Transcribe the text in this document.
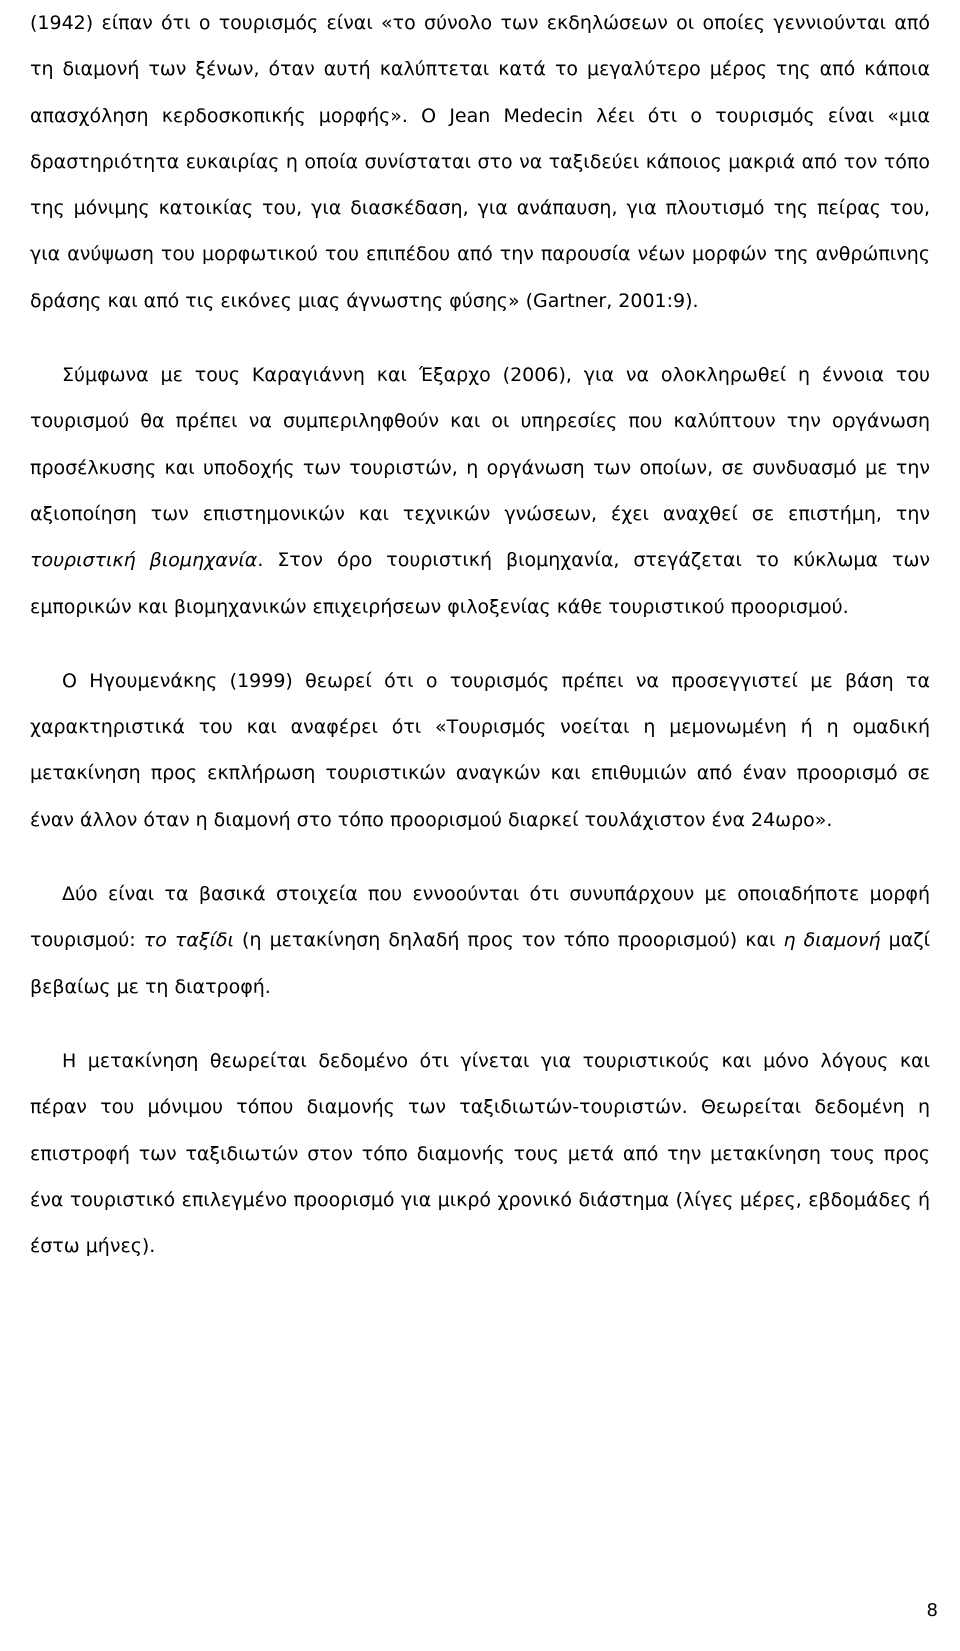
(1942) είπαν ότι ο τουρισμός είναι «το σύνολο των εκδηλώσεων οι οποίες γεννιούνται από τη διαμονή των ξένων, όταν αυτή καλύπτεται κατά το μεγαλύτερο μέρος της από κάποια απασχόληση κερδοσκοπικής μορφής». Ο Jean Medecin λέει ότι ο τουρισμός είναι «μια δραστηριότητα ευκαιρίας η οποία συνίσταται στο να ταξιδεύει κάποιος μακριά από τον τόπο της μόνιμης κατοικίας του, για διασκέδαση, για ανάπαυση, για πλουτισμό της πείρας του, για ανύψωση του μορφωτικού του επιπέδου από την παρουσία νέων μορφών της ανθρώπινης δράσης και από τις εικόνες μιας άγνωστης φύσης» (Gartner, 2001:9).

Σύμφωνα με τους Καραγιάννη και Έξαρχο (2006), για να ολοκληρωθεί η έννοια του τουρισμού θα πρέπει να συμπεριληφθούν και οι υπηρεσίες που καλύπτουν την οργάνωση προσέλκυσης και υποδοχής των τουριστών, η οργάνωση των οποίων, σε συνδυασμό με την αξιοποίηση των επιστημονικών και τεχνικών γνώσεων, έχει αναχθεί σε επιστήμη, την τουριστική βιομηχανία. Στον όρο τουριστική βιομηχανία, στεγάζεται το κύκλωμα των εμπορικών και βιομηχανικών επιχειρήσεων φιλοξενίας κάθε τουριστικού προορισμού.

Ο Ηγουμενάκης (1999) θεωρεί ότι ο τουρισμός πρέπει να προσεγγιστεί με βάση τα χαρακτηριστικά του και αναφέρει ότι «Τουρισμός νοείται η μεμονωμένη ή η ομαδική μετακίνηση προς εκπλήρωση τουριστικών αναγκών και επιθυμιών από έναν προορισμό σε έναν άλλον όταν η διαμονή στο τόπο προορισμού διαρκεί τουλάχιστον ένα 24ωρο».

Δύο είναι τα βασικά στοιχεία που εννοούνται ότι συνυπάρχουν με οποιαδήποτε μορφή τουρισμού: το ταξίδι (η μετακίνηση δηλαδή προς τον τόπο προορισμού) και η διαμονή μαζί βεβαίως με τη διατροφή.

Η μετακίνηση θεωρείται δεδομένο ότι γίνεται για τουριστικούς και μόνο λόγους και πέραν του μόνιμου τόπου διαμονής των ταξιδιωτών-τουριστών. Θεωρείται δεδομένη η επιστροφή των ταξιδιωτών στον τόπο διαμονής τους μετά από την μετακίνηση τους προς ένα τουριστικό επιλεγμένο προορισμό για μικρό χρονικό διάστημα (λίγες μέρες, εβδομάδες ή έστω μήνες).

8
